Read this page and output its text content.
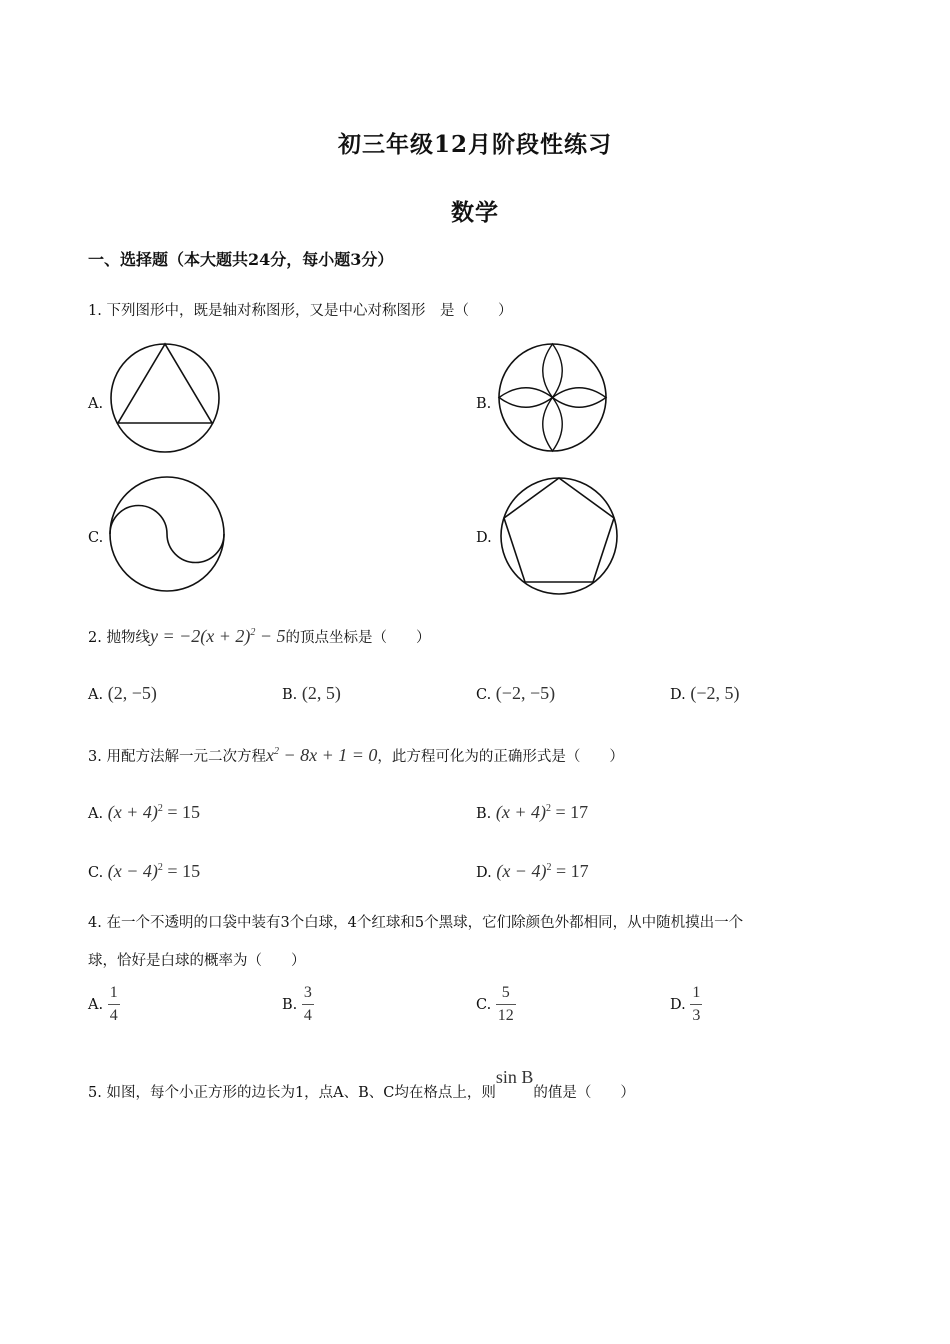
初三年级12月阶段性练习
数学
一、选择题（本大题共24分，每小题3分）
1. 下列图形中，既是轴对称图形，又是中心对称图形　是（　　）
A.	B.
C.	D.
2. 抛物线$y = -2(x + 2)^2 - 5$的顶点坐标是（　　）
A. (2, −5)	B. (2, 5)	C. (−2, −5)	D. (−2, 5)
3. 用配方法解一元二次方程$x^2 - 8x + 1 = 0$，此方程可化为的正确形式是（　　）
A. $(x + 4)^2 = 15$	B. $(x + 4)^2 = 17$
C. $(x - 4)^2 = 15$	D. $(x - 4)^2 = 17$
4. 在一个不透明的口袋中装有3个白球，4个红球和5个黑球，它们除颜色外都相同，从中随机摸出一个
球，恰好是白球的概率为（　　）
A. $\frac{1}{4}$	B. $\frac{3}{4}$	C. $\frac{5}{12}$	D. $\frac{1}{3}$
5. 如图，每个小正方形的边长为1，点A、B、C均在格点上，则sin B的值是（　　）
